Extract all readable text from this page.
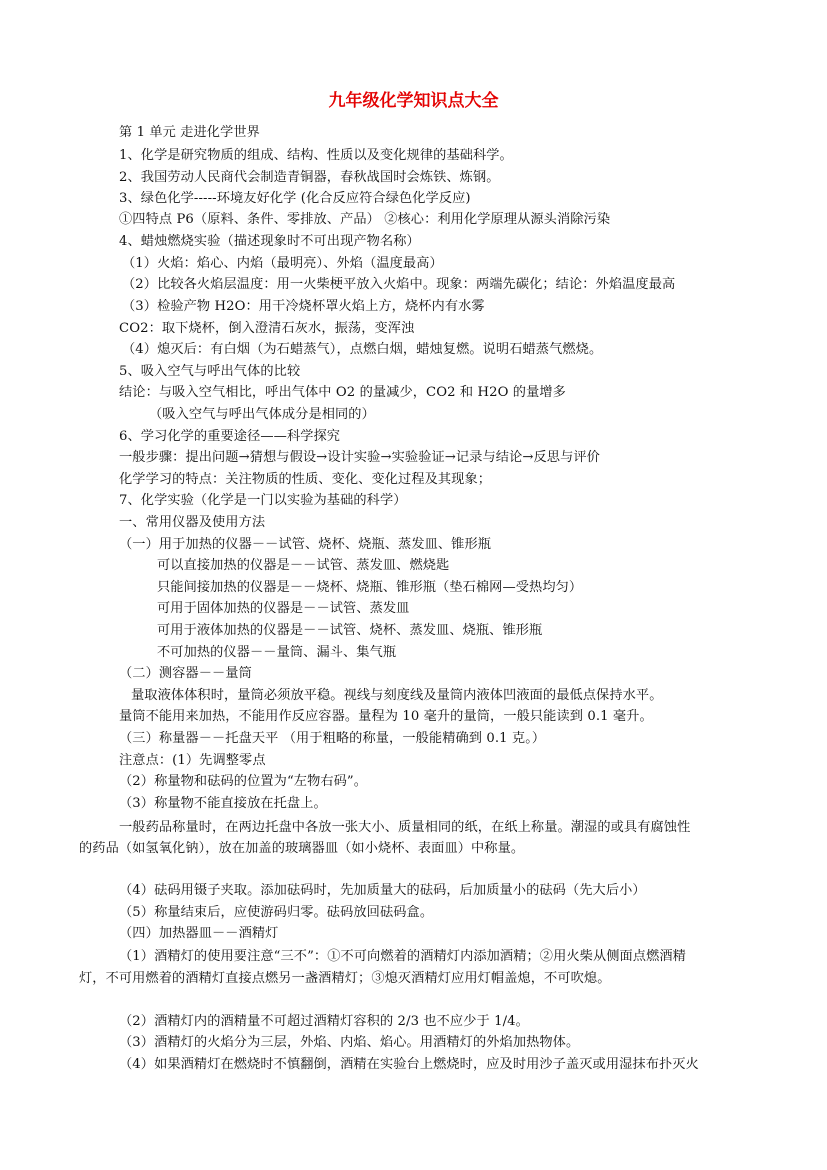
九年级化学知识点大全
第 1 单元 走进化学世界
1、化学是研究物质的组成、结构、性质以及变化规律的基础科学。
2、我国劳动人民商代会制造青铜器，春秋战国时会炼铁、炼钢。
3、绿色化学-----环境友好化学 (化合反应符合绿色化学反应)
①四特点 P6（原料、条件、零排放、产品） ②核心：利用化学原理从源头消除污染
4、蜡烛燃烧实验（描述现象时不可出现产物名称）
（1）火焰：焰心、内焰（最明亮）、外焰（温度最高）
（2）比较各火焰层温度：用一火柴梗平放入火焰中。现象：两端先碳化；结论：外焰温度最高
（3）检验产物 H2O：用干冷烧杯罩火焰上方，烧杯内有水雾
CO2：取下烧杯，倒入澄清石灰水，振荡，变浑浊
（4）熄灭后：有白烟（为石蜡蒸气），点燃白烟，蜡烛复燃。说明石蜡蒸气燃烧。
5、吸入空气与呼出气体的比较
结论：与吸入空气相比，呼出气体中 O2 的量减少，CO2 和 H2O 的量增多
（吸入空气与呼出气体成分是相同的）
6、学习化学的重要途径——科学探究
一般步骤：提出问题→猜想与假设→设计实验→实验验证→记录与结论→反思与评价
化学学习的特点：关注物质的性质、变化、变化过程及其现象；
7、化学实验（化学是一门以实验为基础的科学）
一、常用仪器及使用方法
（一）用于加热的仪器－－试管、烧杯、烧瓶、蒸发皿、锥形瓶
可以直接加热的仪器是－－试管、蒸发皿、燃烧匙
只能间接加热的仪器是－－烧杯、烧瓶、锥形瓶（垫石棉网—受热均匀）
可用于固体加热的仪器是－－试管、蒸发皿
可用于液体加热的仪器是－－试管、烧杯、蒸发皿、烧瓶、锥形瓶
不可加热的仪器－－量筒、漏斗、集气瓶
（二）测容器－－量筒
量取液体体积时，量筒必须放平稳。视线与刻度线及量筒内液体凹液面的最低点保持水平。
量筒不能用来加热，不能用作反应容器。量程为 10 毫升的量筒，一般只能读到 0.1 毫升。
（三）称量器－－托盘天平 （用于粗略的称量，一般能精确到 0.1 克。）
注意点：(1）先调整零点
（2）称量物和砝码的位置为“左物右码”。
（3）称量物不能直接放在托盘上。
一般药品称量时，在两边托盘中各放一张大小、质量相同的纸，在纸上称量。潮湿的或具有腐蚀性
的药品（如氢氧化钠），放在加盖的玻璃器皿（如小烧杯、表面皿）中称量。
（4）砝码用镊子夹取。添加砝码时，先加质量大的砝码，后加质量小的砝码（先大后小）
（5）称量结束后，应使游码归零。砝码放回砝码盒。
（四）加热器皿－－酒精灯
（1）酒精灯的使用要注意“三不”：①不可向燃着的酒精灯内添加酒精；②用火柴从侧面点燃酒精
灯，不可用燃着的酒精灯直接点燃另一盏酒精灯；③熄灭酒精灯应用灯帽盖熄，不可吹熄。
（2）酒精灯内的酒精量不可超过酒精灯容积的 2/3 也不应少于 1/4。
（3）酒精灯的火焰分为三层，外焰、内焰、焰心。用酒精灯的外焰加热物体。
（4）如果酒精灯在燃烧时不慎翻倒，酒精在实验台上燃烧时，应及时用沙子盖灭或用湿抹布扑灭火
